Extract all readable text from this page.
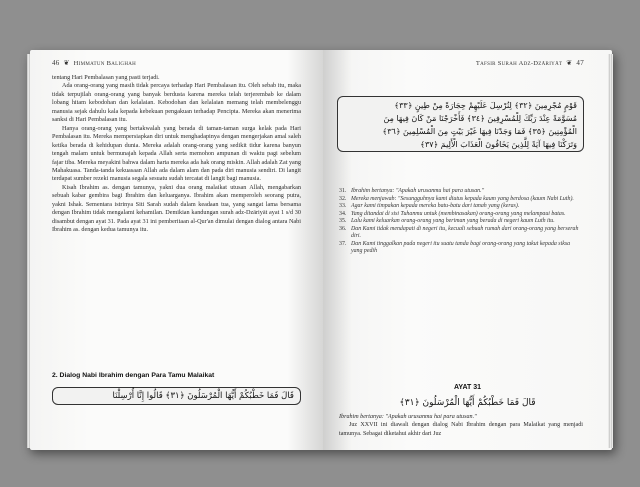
46 ❦ Himmatun Balighah

tentang Hari Pembalasan yang pasti terjadi.

Ada orang-orang yang masih tidak percaya terhadap Hari Pembalasan itu. Oleh sebab itu, maka tidak terpujilah orang-orang yang banyak berdusta karena mereka telah terjerembab ke dalam lobang hitam kebodohan dan kelalaian. Kebodohan dan kelalaian memang telah membelenggu manusia sejak dahulu kala kepada kebekuan pengakuan terhadap Pencipta. Mereka akan menerima sanksi di Hari Pembalasan itu.

Hanya orang-orang yang bertakwalah yang berada di taman-taman surga kelak pada Hari Pembalasan itu. Mereka mempersiapkan diri untuk menghadapinya dengan mengerjakan amal saleh ketika berada di kehidupan dunia. Mereka adalah orang-orang yang sedikit tidur karena banyun tengah malam untuk bermunajah kepada Allah serta memohon ampunan di waktu pagi sebelum fajar tiba. Mereka meyakini bahwa dalam harta mereka ada hak orang miskin. Allah adalah Zat yang Mahakuasa. Tanda-tanda kekuasaan Allah ada dalam alam dan pada diri manusia sendiri. Di langit terdapat sumber rezeki manusia segala sesuatu sudah tercatat di langit bagi manusia.

Kisah Ibrahim as. dengan tamunya, yakni dua orang malaikat utusan Allah, mengabarkan sebuah kabar gembira bagi Ibrahim dan keluarganya. Ibrahim akan memperoleh seorang putra, yakni Ishak. Sementara istrinya Siti Sarah sudah dalam keadaan tua, yang sangat lama bersama dengan Ibrahim tidak mengalami kehamilan. Demikian kandungan surah adz-Dzāriyāt ayat 1 s/d 30 disambut dengan ayat 31. Pada ayat 31 ini pemberitaan al-Qur'an dimulai dengan dialog antara Nabi Ibrahim as. dengan kedua tamunya itu.

2. Dialog Nabi Ibrahim dengan Para Tamu Malaikat
قَالَ فَمَا خَطْبُكُمْ أَيُّهَا الْمُرْسَلُونَ ﴿٣١﴾ قَالُوا إِنَّا أُرْسِلْنَا
Tafsir Surah Adz-Dzāriyāt ❦ 47
قَوْمٍ مُجْرِمِينَ ﴿٣٢﴾ لِنُرْسِلَ عَلَيْهِمْ حِجَارَةً مِنْ طِينٍ ﴿٣٣﴾
مُسَوَّمَةً عِنْدَ رَبِّكَ لِلْمُسْرِفِينَ ﴿٣٤﴾ فَأَخْرَجْنَا مَنْ كَانَ فِيهَا مِنَ
الْمُؤْمِنِينَ ﴿٣٥﴾ فَمَا وَجَدْنَا فِيهَا غَيْرَ بَيْتٍ مِنَ الْمُسْلِمِينَ ﴿٣٦﴾
وَتَرَكْنَا فِيهَا آيَةً لِلَّذِينَ يَخَافُونَ الْعَذَابَ الْأَلِيمَ ﴿٣٧﴾
31. Ibrahim bertanya: "Apakah urusanmu hai para utusan."
32. Mereka menjawab: "Sesungguhnya kami diutus kepada kaum yang berdosa (kaum Nabi Luth).
33. Agar kami timpakan kepada mereka batu-batu dari tanah yang (keras).
34. Yang ditandai di sisi Tuhanmu untuk (membinasakan) orang-orang yang melampaui batas.
35. Lalu kami keluarkan orang-orang yang beriman yang berada di negeri kaum Luth itu.
36. Dan Kami tidak mendapati di negeri itu, kecuali sebuah rumah dari orang-orang yang berserah diri.
37. Dan Kami tinggalkan pada negeri itu suatu tanda bagi orang-orang yang takut kepada siksa yang pedih
AYAT 31
قَالَ فَمَا خَطْبُكُمْ أَيُّهَا الْمُرْسَلُونَ ﴿٣١﴾

Ibrahim bertanya: "Apakah urusanmu hai para utusan."

Juz XXVII ini diawali dengan dialog Nabi Ibrahim dengan para Malaikat yang menjadi tamunya. Sebagai diketahui akhir dari Juz
